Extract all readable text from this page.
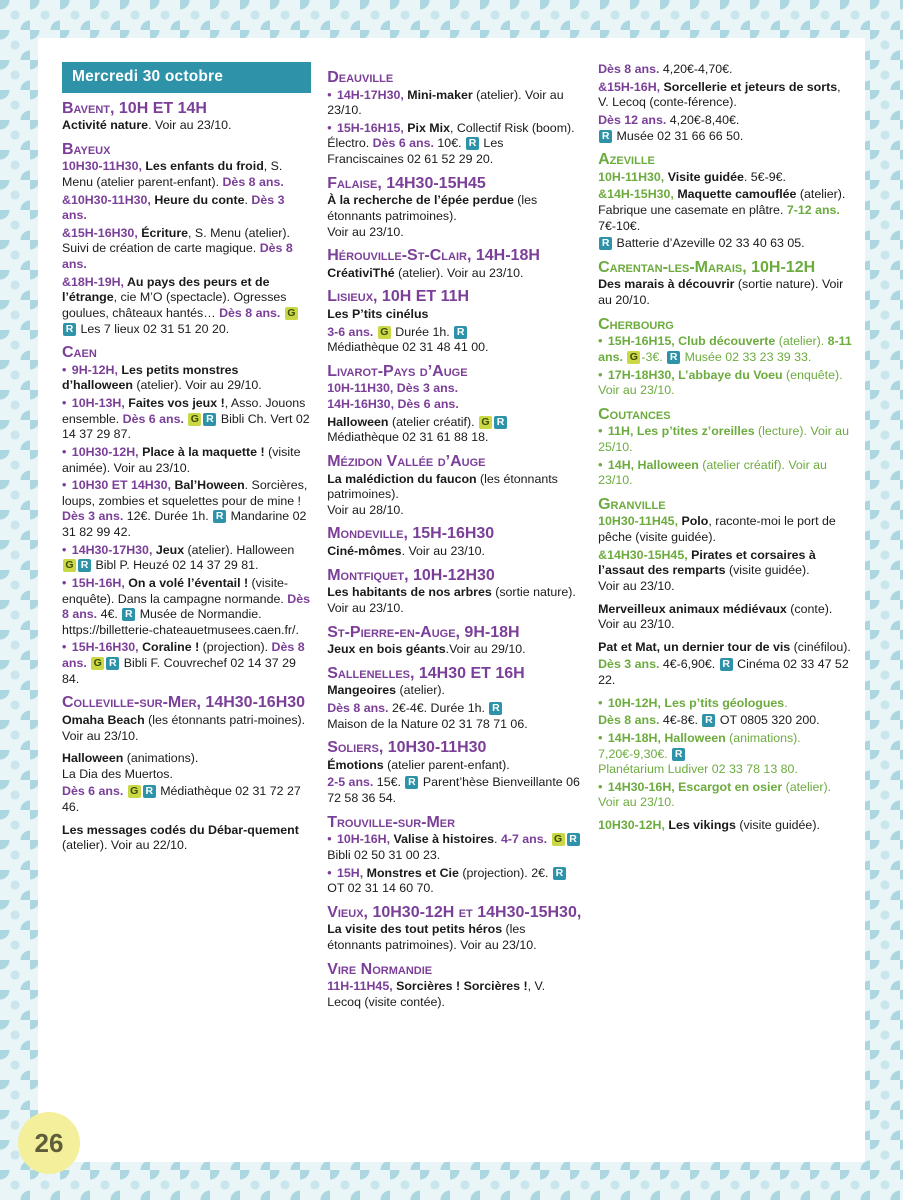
26
Mercredi 30 octobre
Bavent, 10H ET 14H
Activité nature. Voir au 23/10.
Bayeux
10H30-11H30, Les enfants du froid, S. Menu (atelier parent-enfant). Dès 8 ans.
&10H30-11H30, Heure du conte. Dès 3 ans.
&15H-16H30, Écriture, S. Menu (atelier). Suivi de création de carte magique. Dès 8 ans.
&18H-19H, Au pays des peurs et de l’étrange, cie M’O (spectacle). Ogresses goulues, châteaux hantés… Dès 8 ans. GR Les 7 lieux 02 31 51 20 20.
Caen
• 9H-12H, Les petits monstres d’halloween (atelier). Voir au 29/10.
• 10H-13H, Faites vos jeux !, Asso. Jouons ensemble. Dès 6 ans. G R Bibli Ch. Vert 02 14 37 29 87.
• 10H30-12H, Place à la maquette ! (visite animée). Voir au 23/10.
• 10H30 ET 14H30, Bal’Hoween. Sorcières, loups, zombies et squelettes pour de mine ! Dès 3 ans. 12€. Durée 1h. R Mandarine 02 31 82 99 42.
• 14H30-17H30, Jeux (atelier). Halloween G R Bibl P. Heuzé 02 14 37 29 81.
• 15H-16H, On a volé l’éventail ! (visite-enquête). Dans la campagne normande. Dès 8 ans. 4€. R Musée de Normandie. https://billetterie-chateauetmusees.caen.fr/.
• 15H-16H30, Coraline ! (projection). Dès 8 ans. G R Bibli F. Couvrechef 02 14 37 29 84.
Colleville-sur-Mer, 14H30-16H30
Omaha Beach (les étonnants patri-moines). Voir au 23/10.
Halloween (animations).
La Dia des Muertos.
Dès 6 ans. G R Médiathèque 02 31 72 27 46.
Les messages codés du Débar-quement (atelier). Voir au 22/10.
Deauville
• 14H-17H30, Mini-maker (atelier). Voir au 23/10.
• 15H-16H15, Pix Mix, Collectif Risk (boom). Électro. Dès 6 ans. 10€. R Les Franciscaines 02 61 52 29 20.
Falaise, 14H30-15H45
À la recherche de l’épée perdue (les étonnants patrimoines).
Voir au 23/10.
Hérouville-St-Clair, 14H-18H
CréativiThé (atelier). Voir au 23/10.
Lisieux, 10H ET 11H
Les P’tits cinélus
3-6 ans. G Durée 1h. R
Médiathèque 02 31 48 41 00.
Livarot-Pays d’Auge
10H-11H30, Dès 3 ans.
14H-16H30, Dès 6 ans.
Halloween (atelier créatif). G R
Médiathèque 02 31 61 88 18.
Mézidon Vallée d’Auge
La malédiction du faucon (les étonnants patrimoines).
Voir au 28/10.
Mondeville, 15H-16H30
Ciné-mômes. Voir au 23/10.
Montfiquet, 10H-12H30
Les habitants de nos arbres (sortie nature). Voir au 23/10.
St-Pierre-en-Auge, 9H-18H
Jeux en bois géants.Voir au 29/10.
Sallenelles, 14H30 ET 16H
Mangeoires (atelier).
Dès 8 ans. 2€-4€. Durée 1h. R
Maison de la Nature 02 31 78 71 06.
Soliers, 10H30-11H30
Émotions (atelier parent-enfant).
2-5 ans. 15€. R Parent’hèse Bienveillante 06 72 58 36 54.
Trouville-sur-Mer
• 10H-16H, Valise à histoires. 4-7 ans. G R Bibli 02 50 31 00 23.
• 15H, Monstres et Cie (projection). 2€. R OT 02 31 14 60 70.
Vieux, 10H30-12H et 14H30-15H30,
La visite des tout petits héros (les étonnants patrimoines). Voir au 23/10.
Vire Normandie
11H-11H45, Sorcières ! Sorcières !, V. Lecoq (visite contée).
Dès 8 ans. 4,20€-4,70€.
&15H-16H, Sorcellerie et jeteurs de sorts, V. Lecoq (conte-férence).
Dès 12 ans. 4,20€-8,40€.
R Musée 02 31 66 66 50.
Azeville
10H-11H30, Visite guidée. 5€-9€.
&14H-15H30, Maquette camouflée (atelier). Fabrique une casemate en plâtre. 7-12 ans. 7€-10€.
R Batterie d’Azeville 02 33 40 63 05.
Carentan-les-Marais, 10H-12H
Des marais à découvrir (sortie nature). Voir au 20/10.
Cherbourg
• 15H-16H15, Club découverte (atelier). 8-11 ans. G -3€. R Musée 02 33 23 39 33.
• 17H-18H30, L’abbaye du Voeu (enquête). Voir au 23/10.
Coutances
• 11H, Les p’tites z’oreilles (lecture). Voir au 25/10.
• 14H, Halloween (atelier créatif). Voir au 23/10.
Granville
10H30-11H45, Polo, raconte-moi le port de pêche (visite guidée).
&14H30-15H45, Pirates et corsaires à l’assaut des remparts (visite guidée).
Voir au 23/10.
Merveilleux animaux médiévaux (conte). Voir au 23/10.
Pat et Mat, un dernier tour de vis (cinéfilou).
Dès 3 ans. 4€-6,90€. R Cinéma 02 33 47 52 22.
• 10H-12H, Les p’tits géologues.
Dès 8 ans. 4€-8€. R OT 0805 320 200.
• 14H-18H, Halloween (animations). 7,20€-9,30€. R
Planétarium Ludiver 02 33 78 13 80.
• 14H30-16H, Escargot en osier (atelier). Voir au 23/10.
10H30-12H, Les vikings (visite guidée).
